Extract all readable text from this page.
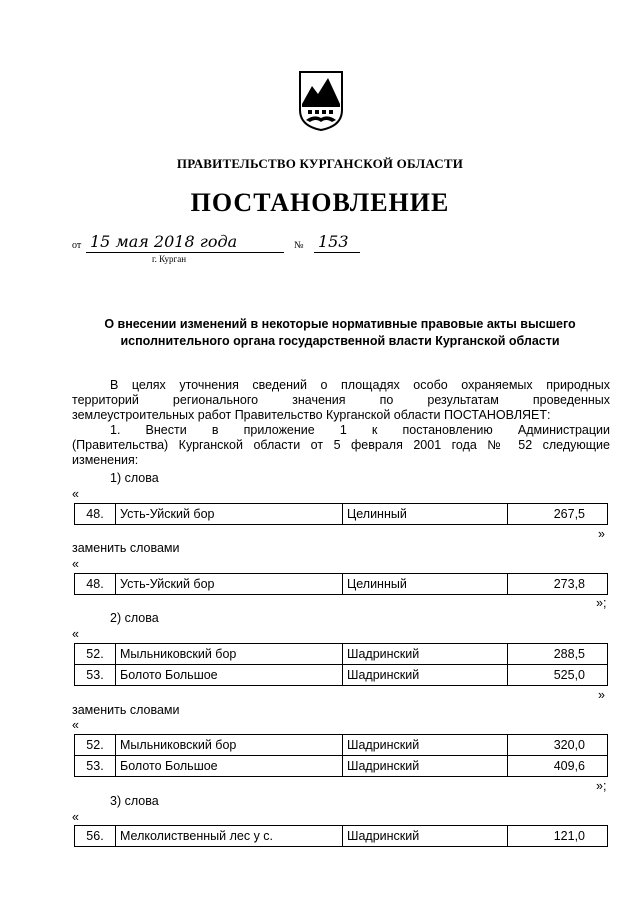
ПРАВИТЕЛЬСТВО КУРГАНСКОЙ ОБЛАСТИ
ПОСТАНОВЛЕНИЕ
от 15 мая 2018 года	№ 153
г. Курган
О внесении изменений в некоторые нормативные правовые акты высшего исполнительного органа государственной власти Курганской области
В целях уточнения сведений о площадях особо охраняемых природных
территорий регионального значения по результатам проведенных
землеустроительных работ Правительство Курганской области ПОСТАНОВЛЯЕТ:
1. Внести в приложение 1 к постановлению Администрации
(Правительства) Курганской области от 5 февраля 2001 года № 52 следующие
изменения:
1) слова
«
48.	Усть-Уйский бор	Целинный	267,5
»
заменить словами
«
48.	Усть-Уйский бор	Целинный	273,8
»;
2) слова
«
52.	Мыльниковский бор	Шадринский	288,5
53.	Болото Большое	Шадринский	525,0
»
заменить словами
«
52.	Мыльниковский бор	Шадринский	320,0
53.	Болото Большое	Шадринский	409,6
»;
3) слова
«
56.	Мелколиственный лес у с.	Шадринский	121,0
